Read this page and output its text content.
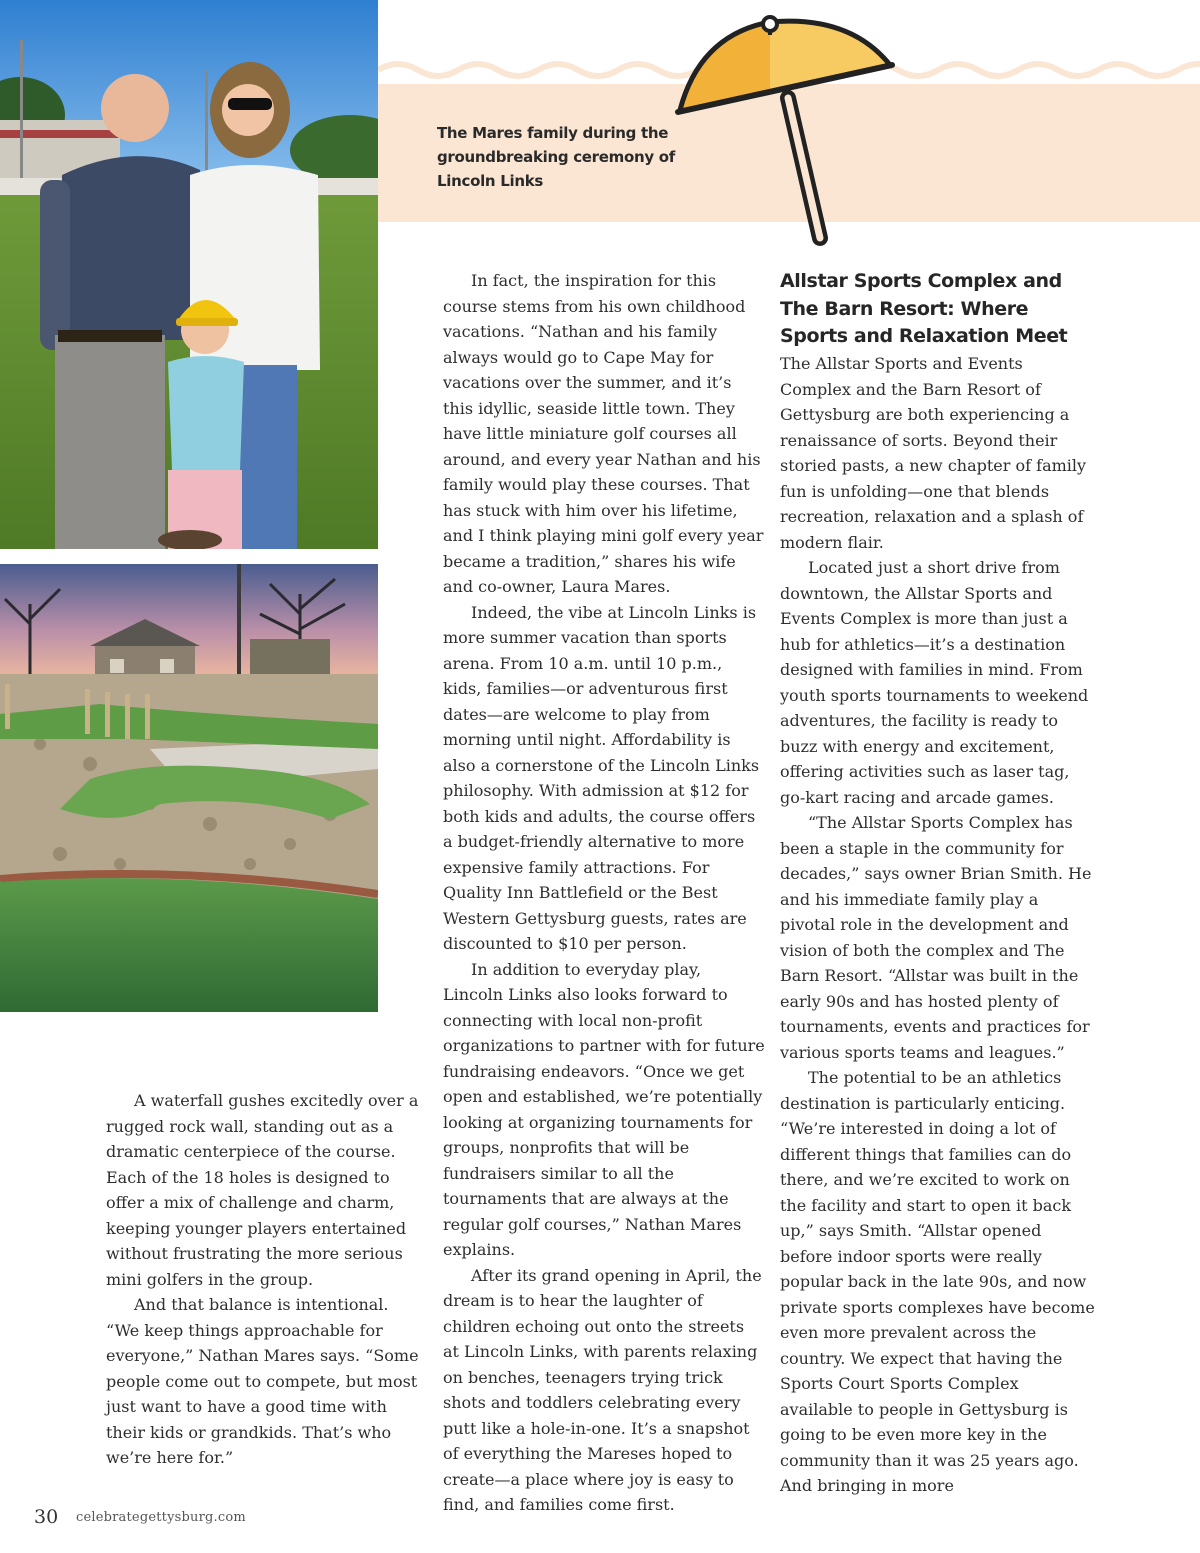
The Mares family during the groundbreaking ceremony of Lincoln Links

A waterfall gushes excitedly over a rugged rock wall, standing out as a dramatic centerpiece of the course. Each of the 18 holes is designed to offer a mix of challenge and charm, keeping younger players entertained without frustrating the more serious mini golfers in the group.

And that balance is intentional. “We keep things approachable for everyone,” Nathan Mares says. “Some people come out to compete, but most just want to have a good time with their kids or grandkids. That’s who we’re here for.”

In fact, the inspiration for this course stems from his own childhood vacations. “Nathan and his family always would go to Cape May for vacations over the summer, and it’s this idyllic, seaside little town. They have little miniature golf courses all around, and every year Nathan and his family would play these courses. That has stuck with him over his lifetime, and I think playing mini golf every year became a tradition,” shares his wife and co-owner, Laura Mares.

Indeed, the vibe at Lincoln Links is more summer vacation than sports arena. From 10 a.m. until 10 p.m., kids, families—or adventurous first dates—are welcome to play from morning until night. Affordability is also a cornerstone of the Lincoln Links philosophy. With admission at $12 for both kids and adults, the course offers a budget-friendly alternative to more expensive family attractions. For Quality Inn Battlefield or the Best Western Gettysburg guests, rates are discounted to $10 per person.

In addition to everyday play, Lincoln Links also looks forward to connecting with local non-profit organizations to partner with for future fundraising endeavors. “Once we get open and established, we’re potentially looking at organizing tournaments for groups, nonprofits that will be fundraisers similar to all the tournaments that are always at the regular golf courses,” Nathan Mares explains.

After its grand opening in April, the dream is to hear the laughter of children echoing out onto the streets at Lincoln Links, with parents relaxing on benches, teenagers trying trick shots and toddlers celebrating every putt like a hole-in-one. It’s a snapshot of everything the Mareses hoped to create—a place where joy is easy to find, and families come first.

Allstar Sports Complex and The Barn Resort: Where Sports and Relaxation Meet

The Allstar Sports and Events Complex and the Barn Resort of Gettysburg are both experiencing a renaissance of sorts. Beyond their storied pasts, a new chapter of family fun is unfolding—one that blends recreation, relaxation and a splash of modern flair.

Located just a short drive from downtown, the Allstar Sports and Events Complex is more than just a hub for athletics—it’s a destination designed with families in mind. From youth sports tournaments to weekend adventures, the facility is ready to buzz with energy and excitement, offering activities such as laser tag, go-kart racing and arcade games.

“The Allstar Sports Complex has been a staple in the community for decades,” says owner Brian Smith. He and his immediate family play a pivotal role in the development and vision of both the complex and The Barn Resort. “Allstar was built in the early 90s and has hosted plenty of tournaments, events and practices for various sports teams and leagues.”

The potential to be an athletics destination is particularly enticing. “We’re interested in doing a lot of different things that families can do there, and we’re excited to work on the facility and start to open it back up,” says Smith. “Allstar opened before indoor sports were really popular back in the late 90s, and now private sports complexes have become even more prevalent across the country. We expect that having the Sports Court Sports Complex available to people in Gettysburg is going to be even more key in the community than it was 25 years ago. And bringing in more

30 celebrategettysburg.com
